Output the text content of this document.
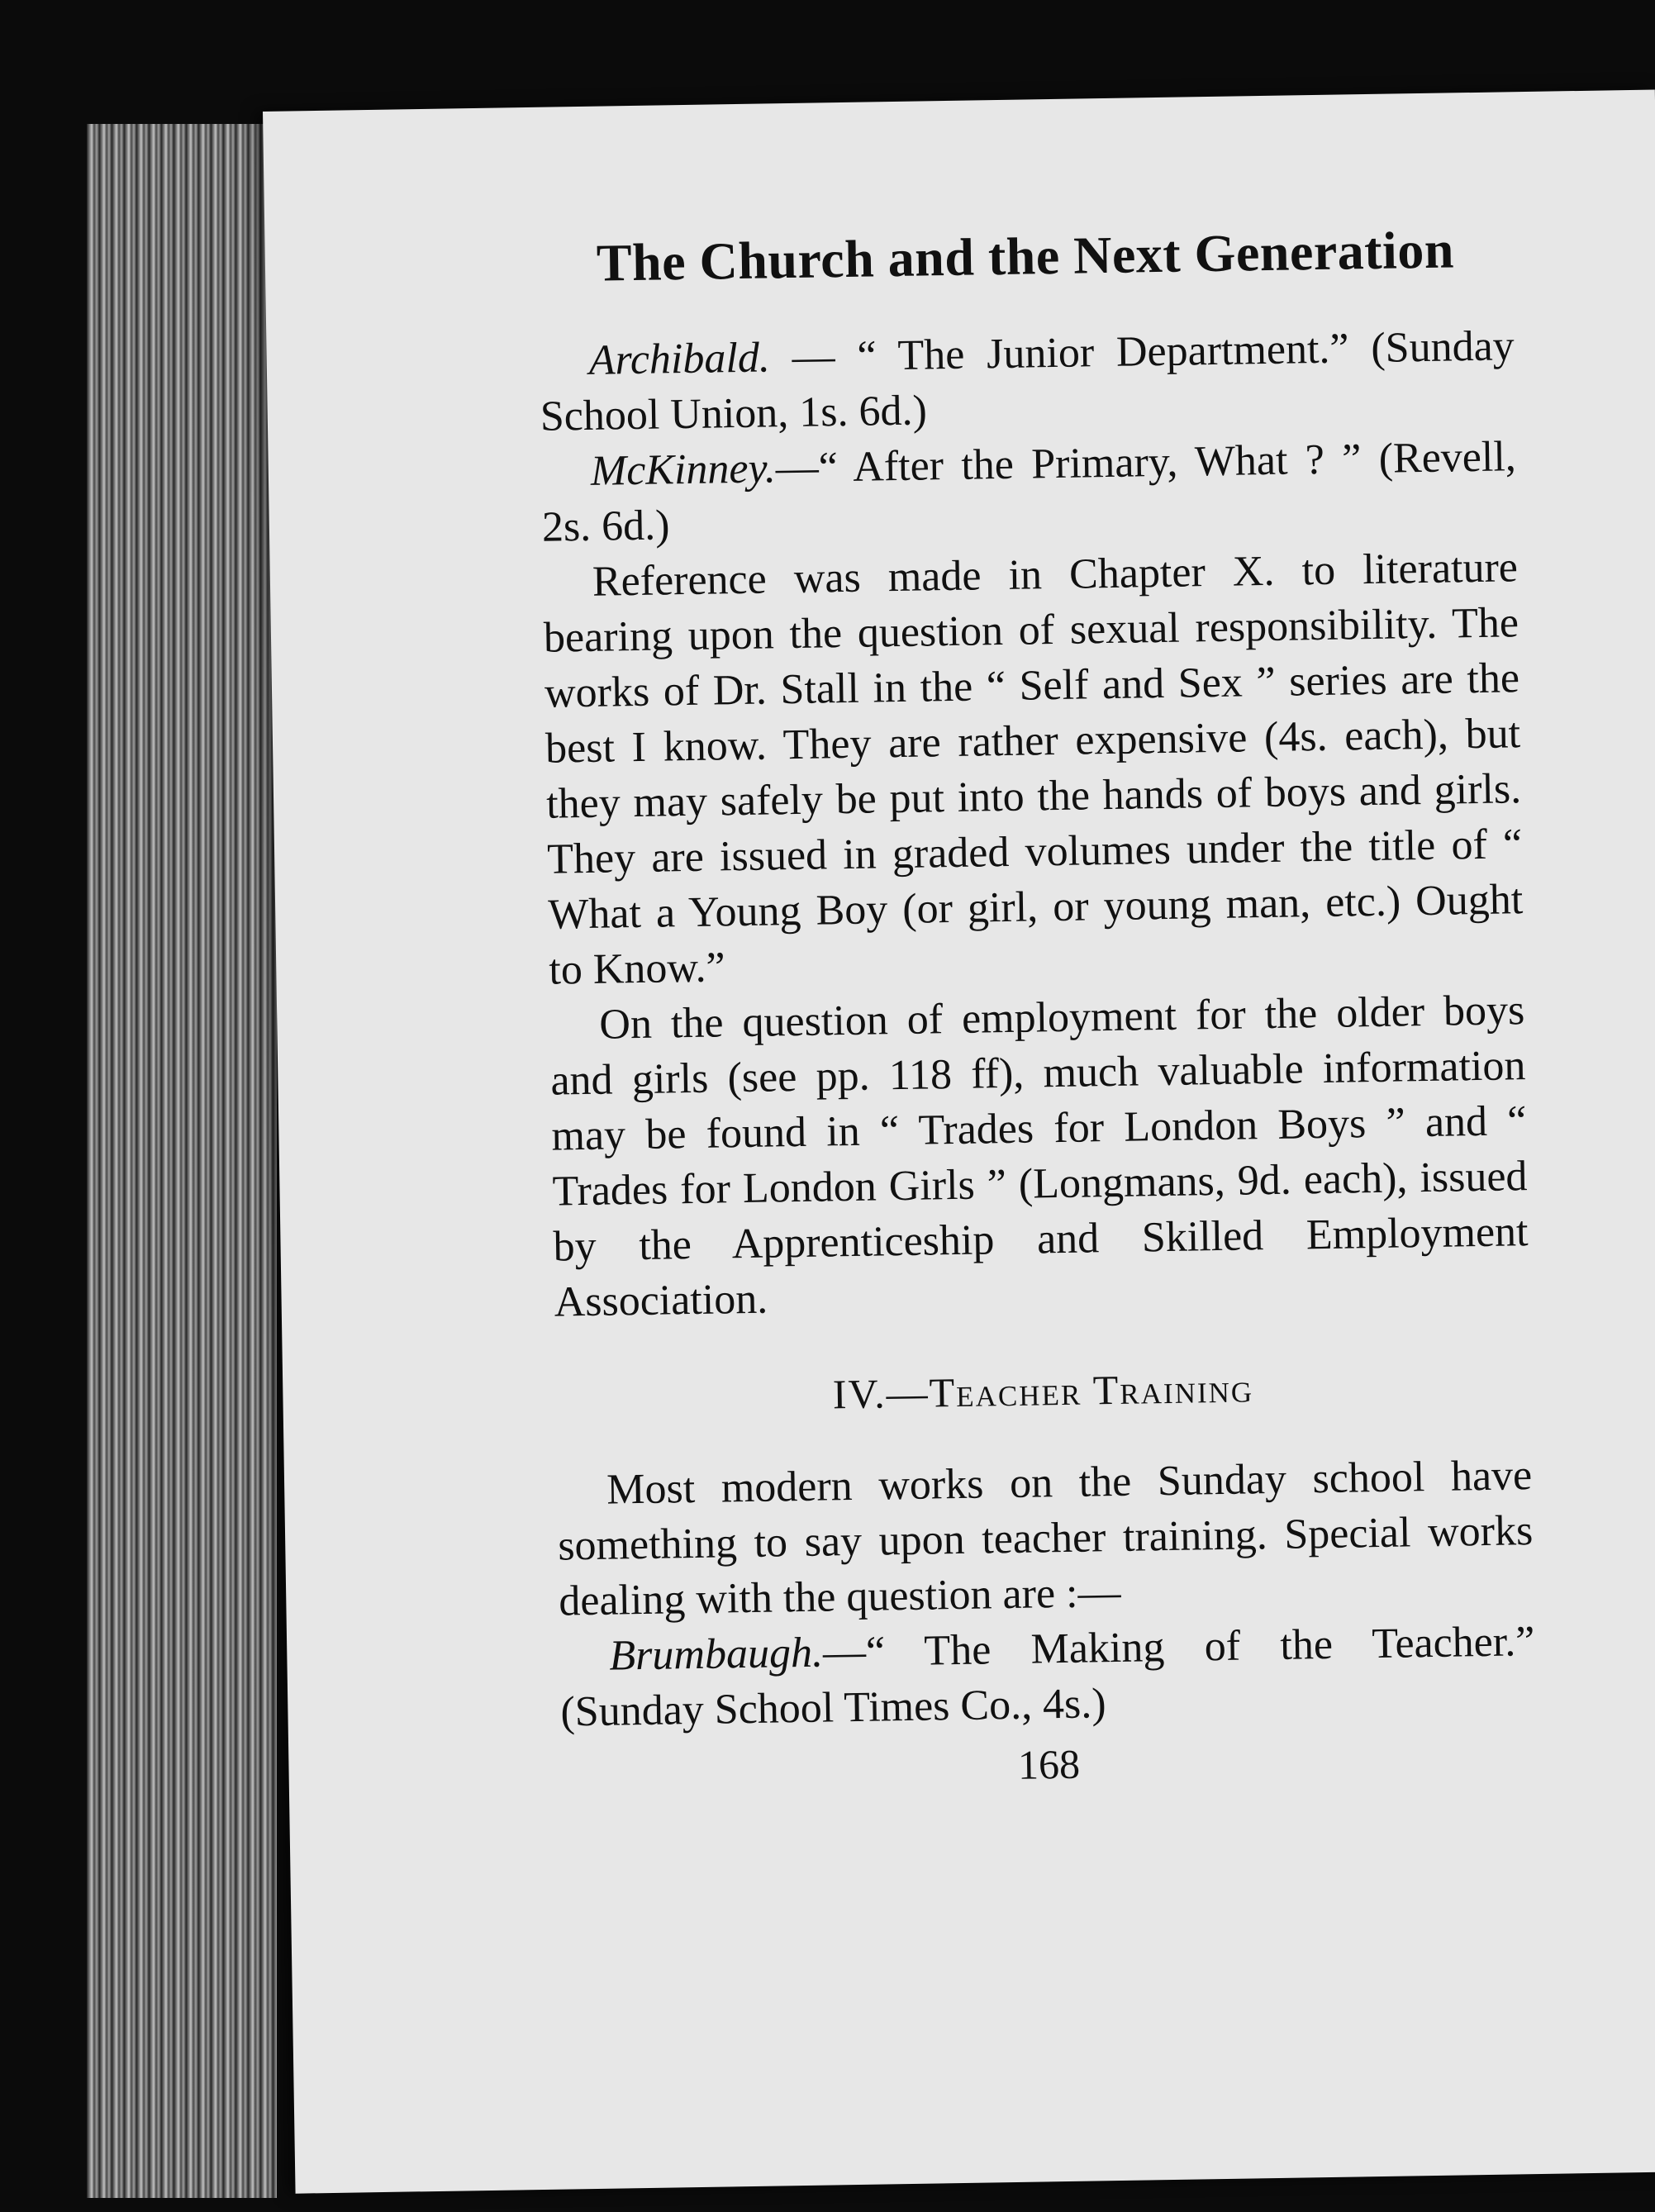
The Church and the Next Generation

Archibald. — “ The Junior Department.” (Sunday School Union, 1s. 6d.)

McKinney.—“ After the Primary, What ? ” (Revell, 2s. 6d.)

Reference was made in Chapter X. to literature bearing upon the question of sexual responsibility. The works of Dr. Stall in the “ Self and Sex ” series are the best I know. They are rather expensive (4s. each), but they may safely be put into the hands of boys and girls. They are issued in graded volumes under the title of “ What a Young Boy (or girl, or young man, etc.) Ought to Know.”

On the question of employment for the older boys and girls (see pp. 118 ff), much valuable information may be found in “ Trades for London Boys ” and “ Trades for London Girls ” (Longmans, 9d. each), issued by the Apprenticeship and Skilled Employment Association.

IV.—Teacher Training

Most modern works on the Sunday school have something to say upon teacher training. Special works dealing with the question are :—

Brumbaugh.—“ The Making of the Teacher.” (Sunday School Times Co., 4s.)

168
